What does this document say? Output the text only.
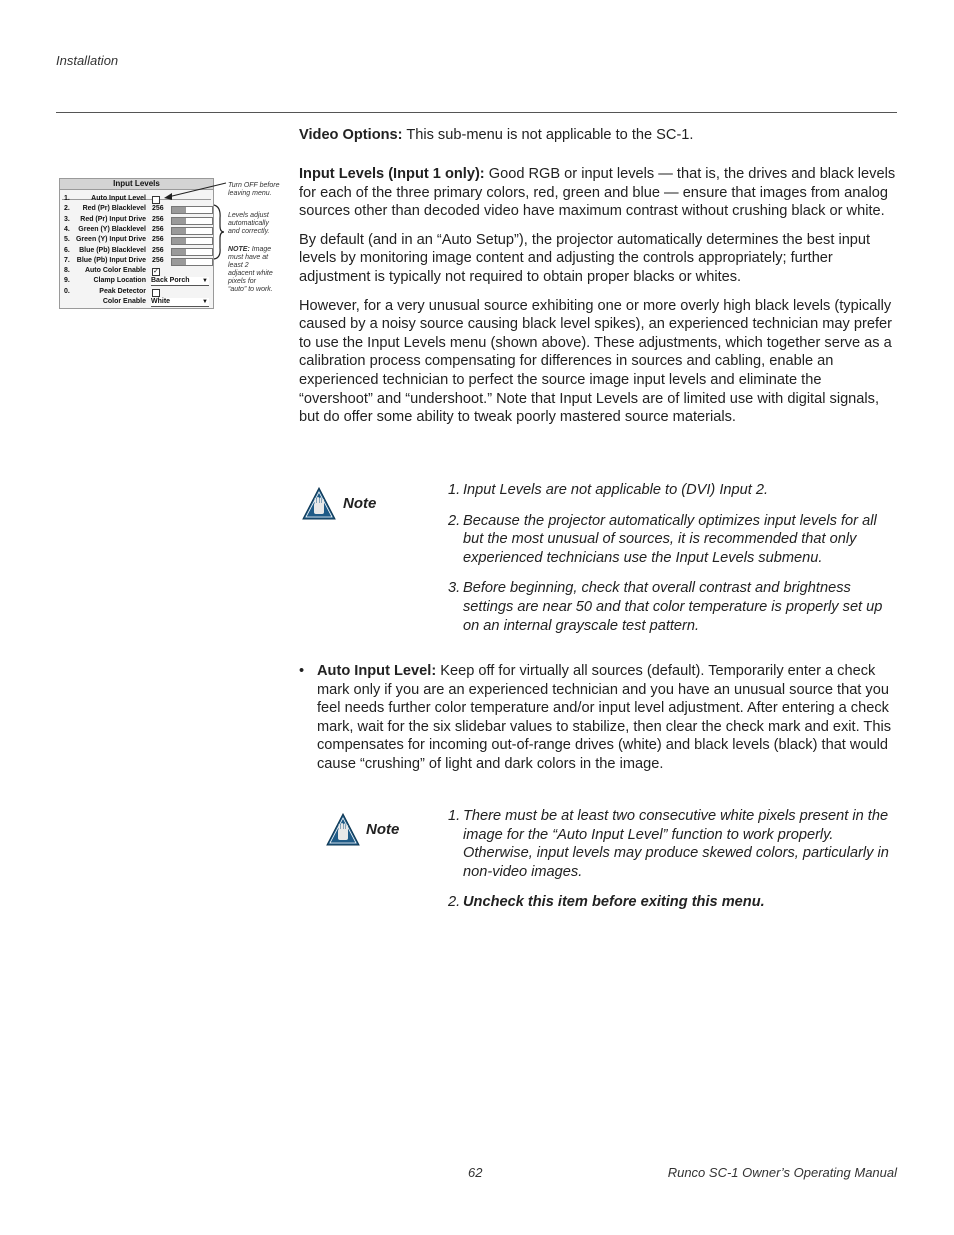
Installation

Video Options: This sub-menu is not applicable to the SC-1.

Input Levels (Input 1 only): Good RGB or input levels — that is, the drives and black levels for each of the three primary colors, red, green and blue — ensure that images from analog sources other than decoded video have maximum contrast without crushing black or white.

By default (and in an “Auto Setup”), the projector automatically determines the best input levels by monitoring image content and adjusting the controls appropriately; further adjustment is typically not required to obtain proper blacks or whites.

However, for a very unusual source exhibiting one or more overly high black levels (typically caused by a noisy source causing black level spikes), an experienced technician may prefer to use the Input Levels menu (shown above). These adjustments, which together serve as a calibration process compensating for differences in sources and cabling, enable an experienced technician to perfect the source image input levels and eliminate the “overshoot” and “undershoot.” Note that Input Levels are of limited use with digital signals, but do offer some ability to tweak poorly mastered source materials.

Input Levels
1.	Auto Input Level
2. Red (Pr) Blacklevel 256
3. Red (Pr) Input Drive 256
4. Green (Y) Blacklevel 256
5. Green (Y) Input Drive 256
6. Blue (Pb) Blacklevel 256
7. Blue (Pb) Input Drive 256
8. Auto Color Enable ✓
9.	Clamp Location Back Porch ▼
0.	Peak Detector
Color Enable White	▼
Turn OFF before leaving menu.
Levels adjust automatically and correctly.
NOTE: Image must have at least 2 adjacent white pixels for “auto” to work.
Note
1. Input Levels are not applicable to (DVI) Input 2.
2. Because the projector automatically optimizes input levels for all but the most unusual of sources, it is recommended that only experienced technicians use the Input Levels submenu.
3. Before beginning, check that overall contrast and brightness settings are near 50 and that color temperature is properly set up on an internal grayscale test pattern.
• Auto Input Level: Keep off for virtually all sources (default). Temporarily enter a check mark only if you are an experienced technician and you have an unusual source that you feel needs further color temperature and/or input level adjustment. After entering a check mark, wait for the six slidebar values to stabilize, then clear the check mark and exit. This compensates for incoming out-of-range drives (white) and black levels (black) that would cause “crushing” of light and dark colors in the image.
Note
1. There must be at least two consecutive white pixels present in the image for the “Auto Input Level” function to work properly. Otherwise, input levels may produce skewed colors, particularly in non-video images.
2. Uncheck this item before exiting this menu.
62	Runco SC-1 Owner’s Operating Manual
